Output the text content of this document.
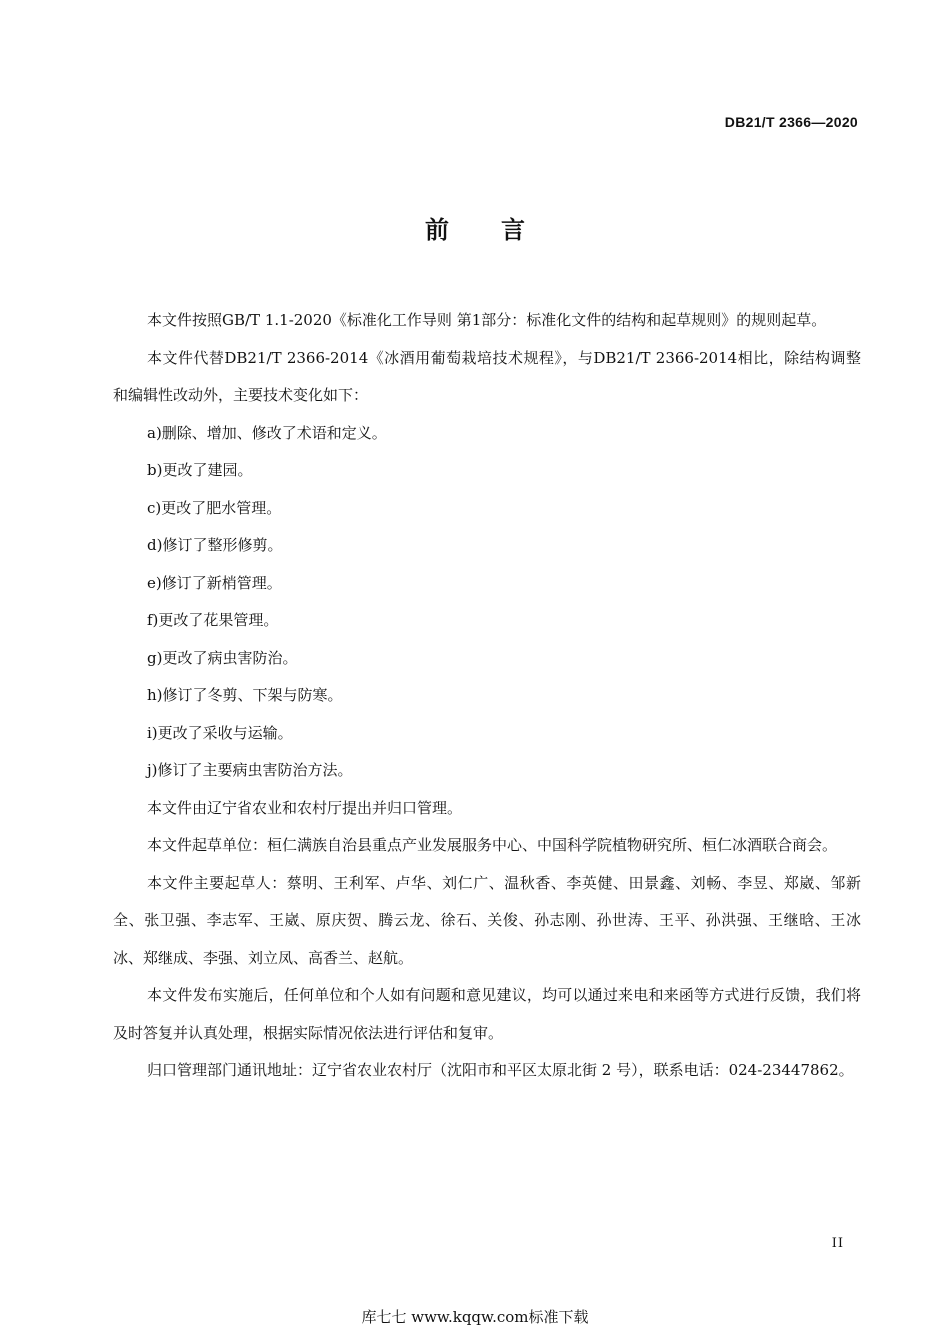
DB21/T 2366—2020
前言

本文件按照GB/T 1.1-2020《标准化工作导则 第1部分：标准化文件的结构和起草规则》的规则起草。

本文件代替DB21/T 2366-2014《冰酒用葡萄栽培技术规程》，与DB21/T 2366-2014相比，除结构调整和编辑性改动外，主要技术变化如下：

a)删除、增加、修改了术语和定义。

b)更改了建园。

c)更改了肥水管理。

d)修订了整形修剪。

e)修订了新梢管理。

f)更改了花果管理。

g)更改了病虫害防治。

h)修订了冬剪、下架与防寒。

i)更改了采收与运输。

j)修订了主要病虫害防治方法。

本文件由辽宁省农业和农村厅提出并归口管理。

本文件起草单位：桓仁满族自治县重点产业发展服务中心、中国科学院植物研究所、桓仁冰酒联合商会。

本文件主要起草人：蔡明、王利军、卢华、刘仁广、温秋香、李英健、田景鑫、刘畅、李昱、郑崴、邹新全、张卫强、李志军、王崴、原庆贺、腾云龙、徐石、关俊、孙志刚、孙世涛、王平、孙洪强、王继晗、王冰冰、郑继成、李强、刘立凤、高香兰、赵航。

本文件发布实施后，任何单位和个人如有问题和意见建议，均可以通过来电和来函等方式进行反馈，我们将及时答复并认真处理，根据实际情况依法进行评估和复审。

归口管理部门通讯地址：辽宁省农业农村厅（沈阳市和平区太原北街 2 号），联系电话：024-23447862。

II
库七七 www.kqqw.com标准下载
